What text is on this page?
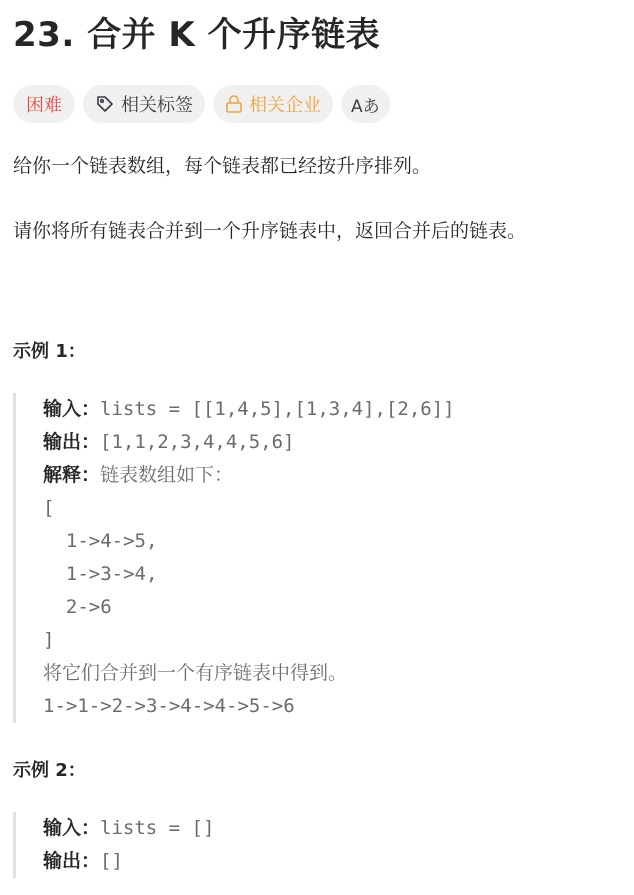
23. 合并 K 个升序链表
困难	相关标签	相关企业 Aあ

给你一个链表数组，每个链表都已经按升序排列。

请你将所有链表合并到一个升序链表中，返回合并后的链表。

示例 1：
输入：lists = [[1,4,5],[1,3,4],[2,6]]
输出：[1,1,2,3,4,4,5,6]
解释：链表数组如下：
[
1->4->5,
1->3->4,
2->6
]
将它们合并到一个有序链表中得到。
1->1->2->3->4->4->5->6
示例 2：
输入：lists = []
输出：[]
